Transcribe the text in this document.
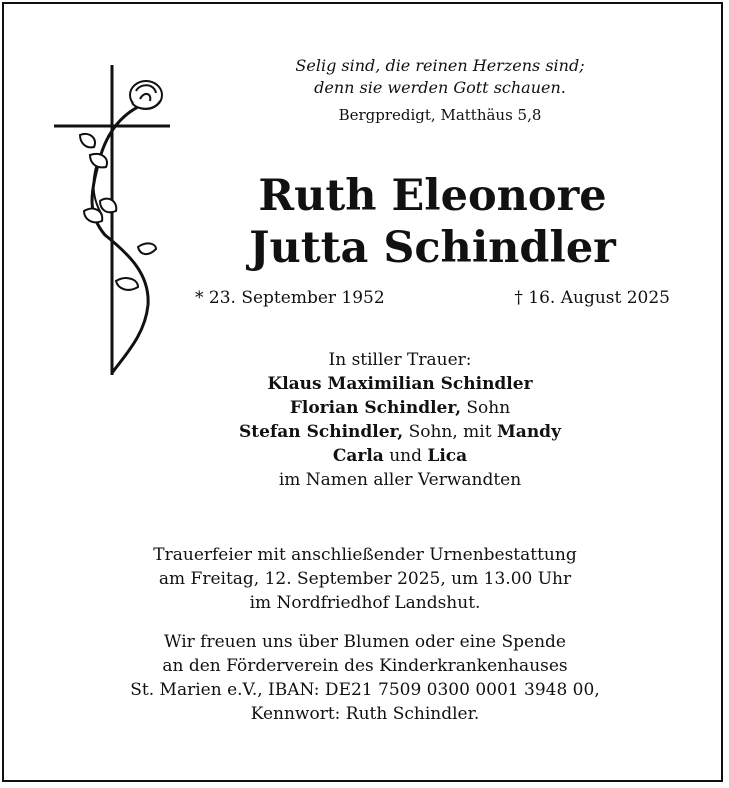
Selig sind, die reinen Herzens sind;
denn sie werden Gott schauen.
Bergpredigt, Matthäus 5,8
Ruth Eleonore
Jutta Schindler
* 23. September 1952	† 16. August 2025
In stiller Trauer:
Klaus Maximilian Schindler
Florian Schindler, Sohn
Stefan Schindler, Sohn, mit Mandy
Carla und Lica
im Namen aller Verwandten
Trauerfeier mit anschließender Urnenbestattung
am Freitag, 12. September 2025, um 13.00 Uhr
im Nordfriedhof Landshut.
Wir freuen uns über Blumen oder eine Spende
an den Förderverein des Kinderkrankenhauses
St. Marien e.V., IBAN: DE21 7509 0300 0001 3948 00,
Kennwort: Ruth Schindler.
